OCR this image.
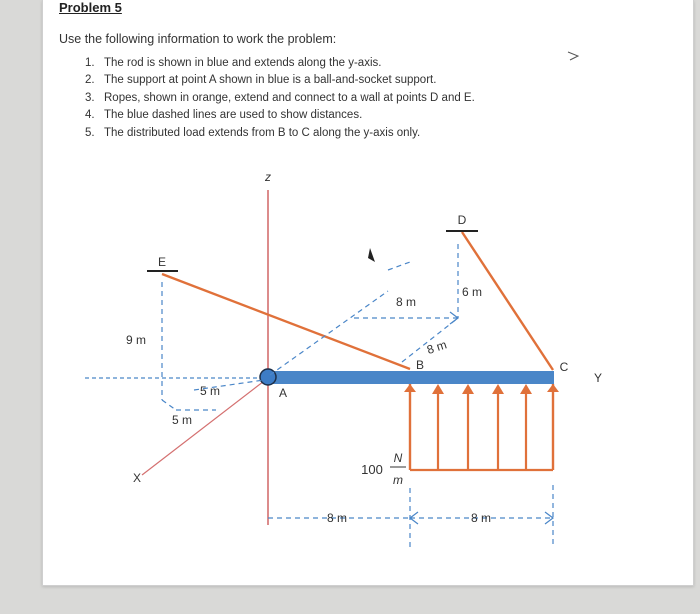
Problem 5

Use the following information to work the problem:

1. The rod is shown in blue and extends along the y-axis.
2. The support at point A shown in blue is a ball-and-socket support.
3. Ropes, shown in orange, extend and connect to a wall at points D and E.
4. The blue dashed lines are used to show distances.
5. The distributed load extends from B to C along the y-axis only.
z
X
D
E
A
B	C
Y
9 m
5 m
5 m
8 m
8 m
6 m
8 m	8 m
100
N
m
